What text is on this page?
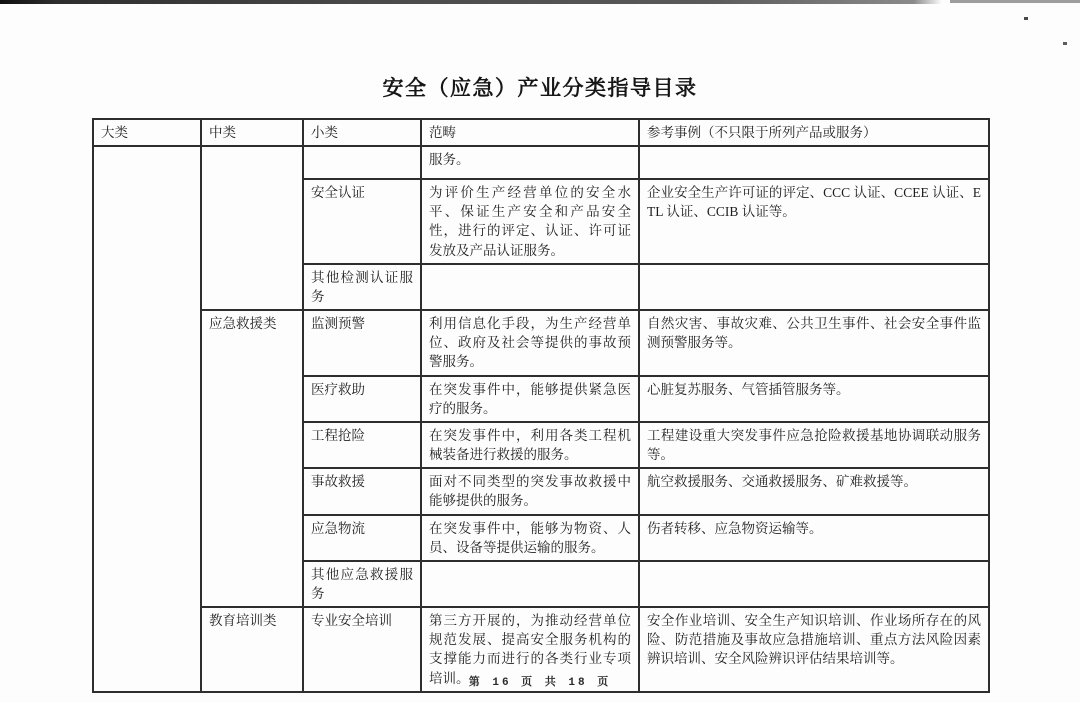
安全（应急）产业分类指导目录
大类	中类	小类	范畴	参考事例（不只限于所列产品或服务）
			服务。	
		安全认证	为评价生产经营单位的安全水平、保证生产安全和产品安全性，进行的评定、认证、许可证发放及产品认证服务。	企业安全生产许可证的评定、CCC 认证、CCEE 认证、ETL 认证、CCIB 认证等。
		其他检测认证服务		
	应急救援类	监测预警	利用信息化手段，为生产经营单位、政府及社会等提供的事故预警服务。	自然灾害、事故灾难、公共卫生事件、社会安全事件监测预警服务等。
		医疗救助	在突发事件中，能够提供紧急医疗的服务。	心脏复苏服务、气管插管服务等。
		工程抢险	在突发事件中，利用各类工程机械装备进行救援的服务。	工程建设重大突发事件应急抢险救援基地协调联动服务等。
		事故救援	面对不同类型的突发事故救援中能够提供的服务。	航空救援服务、交通救援服务、矿难救援等。
		应急物流	在突发事件中，能够为物资、人员、设备等提供运输的服务。	伤者转移、应急物资运输等。
		其他应急救援服务		
	教育培训类	专业安全培训	第三方开展的，为推动经营单位规范发展、提高安全服务机构的支撑能力而进行的各类行业专项培训。	安全作业培训、安全生产知识培训、作业场所存在的风险、防范措施及事故应急措施培训、重点方法风险因素辨识培训、安全风险辨识评估结果培训等。
第 16 页 共 18 页
